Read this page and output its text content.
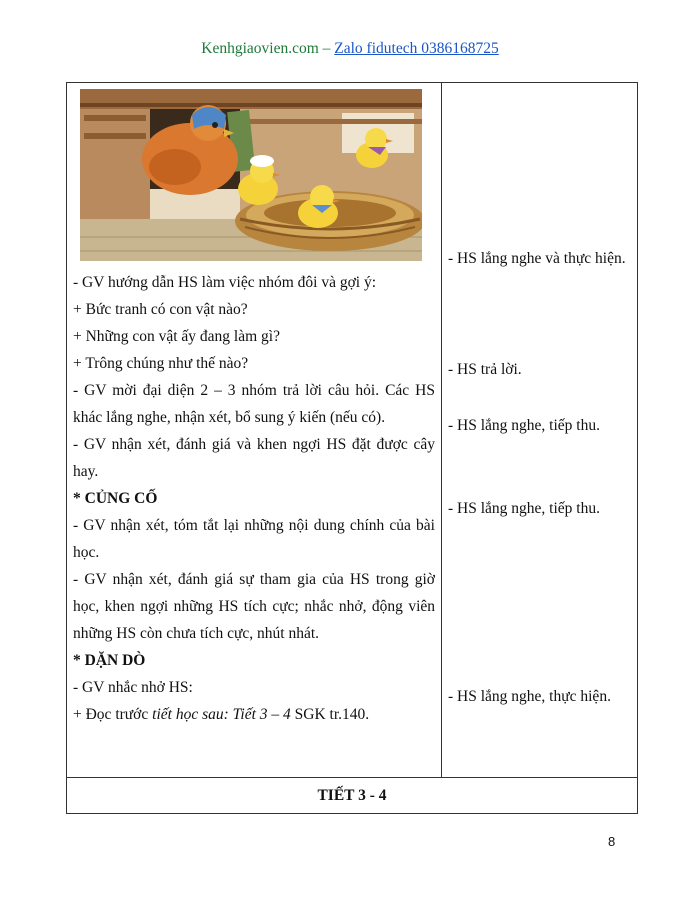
Kenhgiaovien.com – Zalo fidutech 0386168725
- GV hướng dẫn HS làm việc nhóm đôi và gợi ý:
+ Bức tranh có con vật nào?
+ Những con vật ấy đang làm gì?
+ Trông chúng như thế nào?
- GV mời đại diện 2 – 3 nhóm trả lời câu hỏi. Các HS
khác lắng nghe, nhận xét, bổ sung ý kiến (nếu có).
- GV nhận xét, đánh giá và khen ngợi HS đặt được cây
hay.
* CỦNG CỐ
- GV nhận xét, tóm tắt lại những nội dung chính của bài
học.
- GV nhận xét, đánh giá sự tham gia của HS trong giờ
học, khen ngợi những HS tích cực; nhắc nhở, động viên
những HS còn chưa tích cực, nhút nhát.
* DẶN DÒ
- GV nhắc nhở HS:
+ Đọc trước tiết học sau: Tiết 3 – 4 SGK tr.140.
- HS lắng nghe và thực hiện.
- HS trả lời.
- HS lắng nghe, tiếp thu.
- HS lắng nghe, tiếp thu.
- HS lắng nghe, thực hiện.
TIẾT 3 - 4
8
